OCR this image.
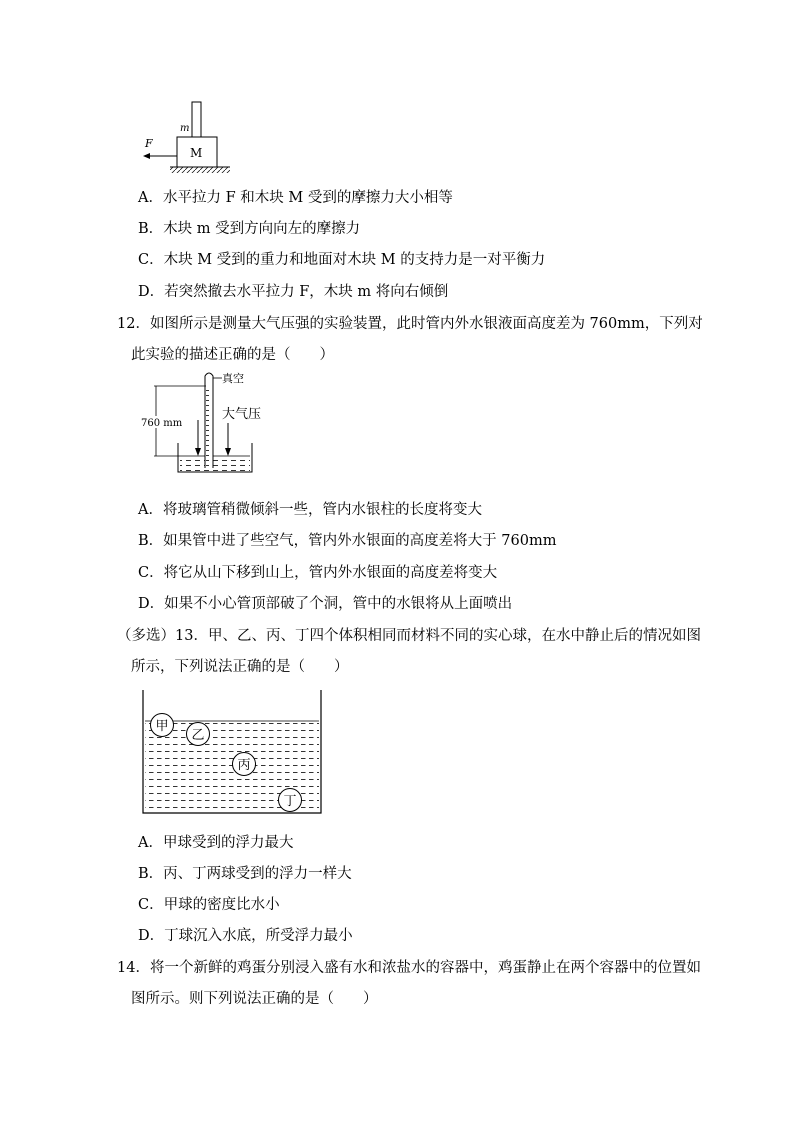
m
M
F
A．水平拉力 F 和木块 M 受到的摩擦力大小相等
B．木块 m 受到方向向左的摩擦力
C．木块 M 受到的重力和地面对木块 M 的支持力是一对平衡力
D．若突然撤去水平拉力 F，木块 m 将向右倾倒
12．如图所示是测量大气压强的实验装置，此时管内外水银液面高度差为 760mm，下列对
此实验的描述正确的是（　　）
真空
大气压
760 mm
A．将玻璃管稍微倾斜一些，管内水银柱的长度将变大
B．如果管中进了些空气，管内外水银面的高度差将大于 760mm
C．将它从山下移到山上，管内外水银面的高度差将变大
D．如果不小心管顶部破了个洞，管中的水银将从上面喷出
（多选）13．甲、乙、丙、丁四个体积相同而材料不同的实心球，在水中静止后的情况如图
所示，下列说法正确的是（　　）
甲
乙
丙
丁
A．甲球受到的浮力最大
B．丙、丁两球受到的浮力一样大
C．甲球的密度比水小
D．丁球沉入水底，所受浮力最小
14．将一个新鲜的鸡蛋分别浸入盛有水和浓盐水的容器中，鸡蛋静止在两个容器中的位置如
图所示。则下列说法正确的是（　　）
